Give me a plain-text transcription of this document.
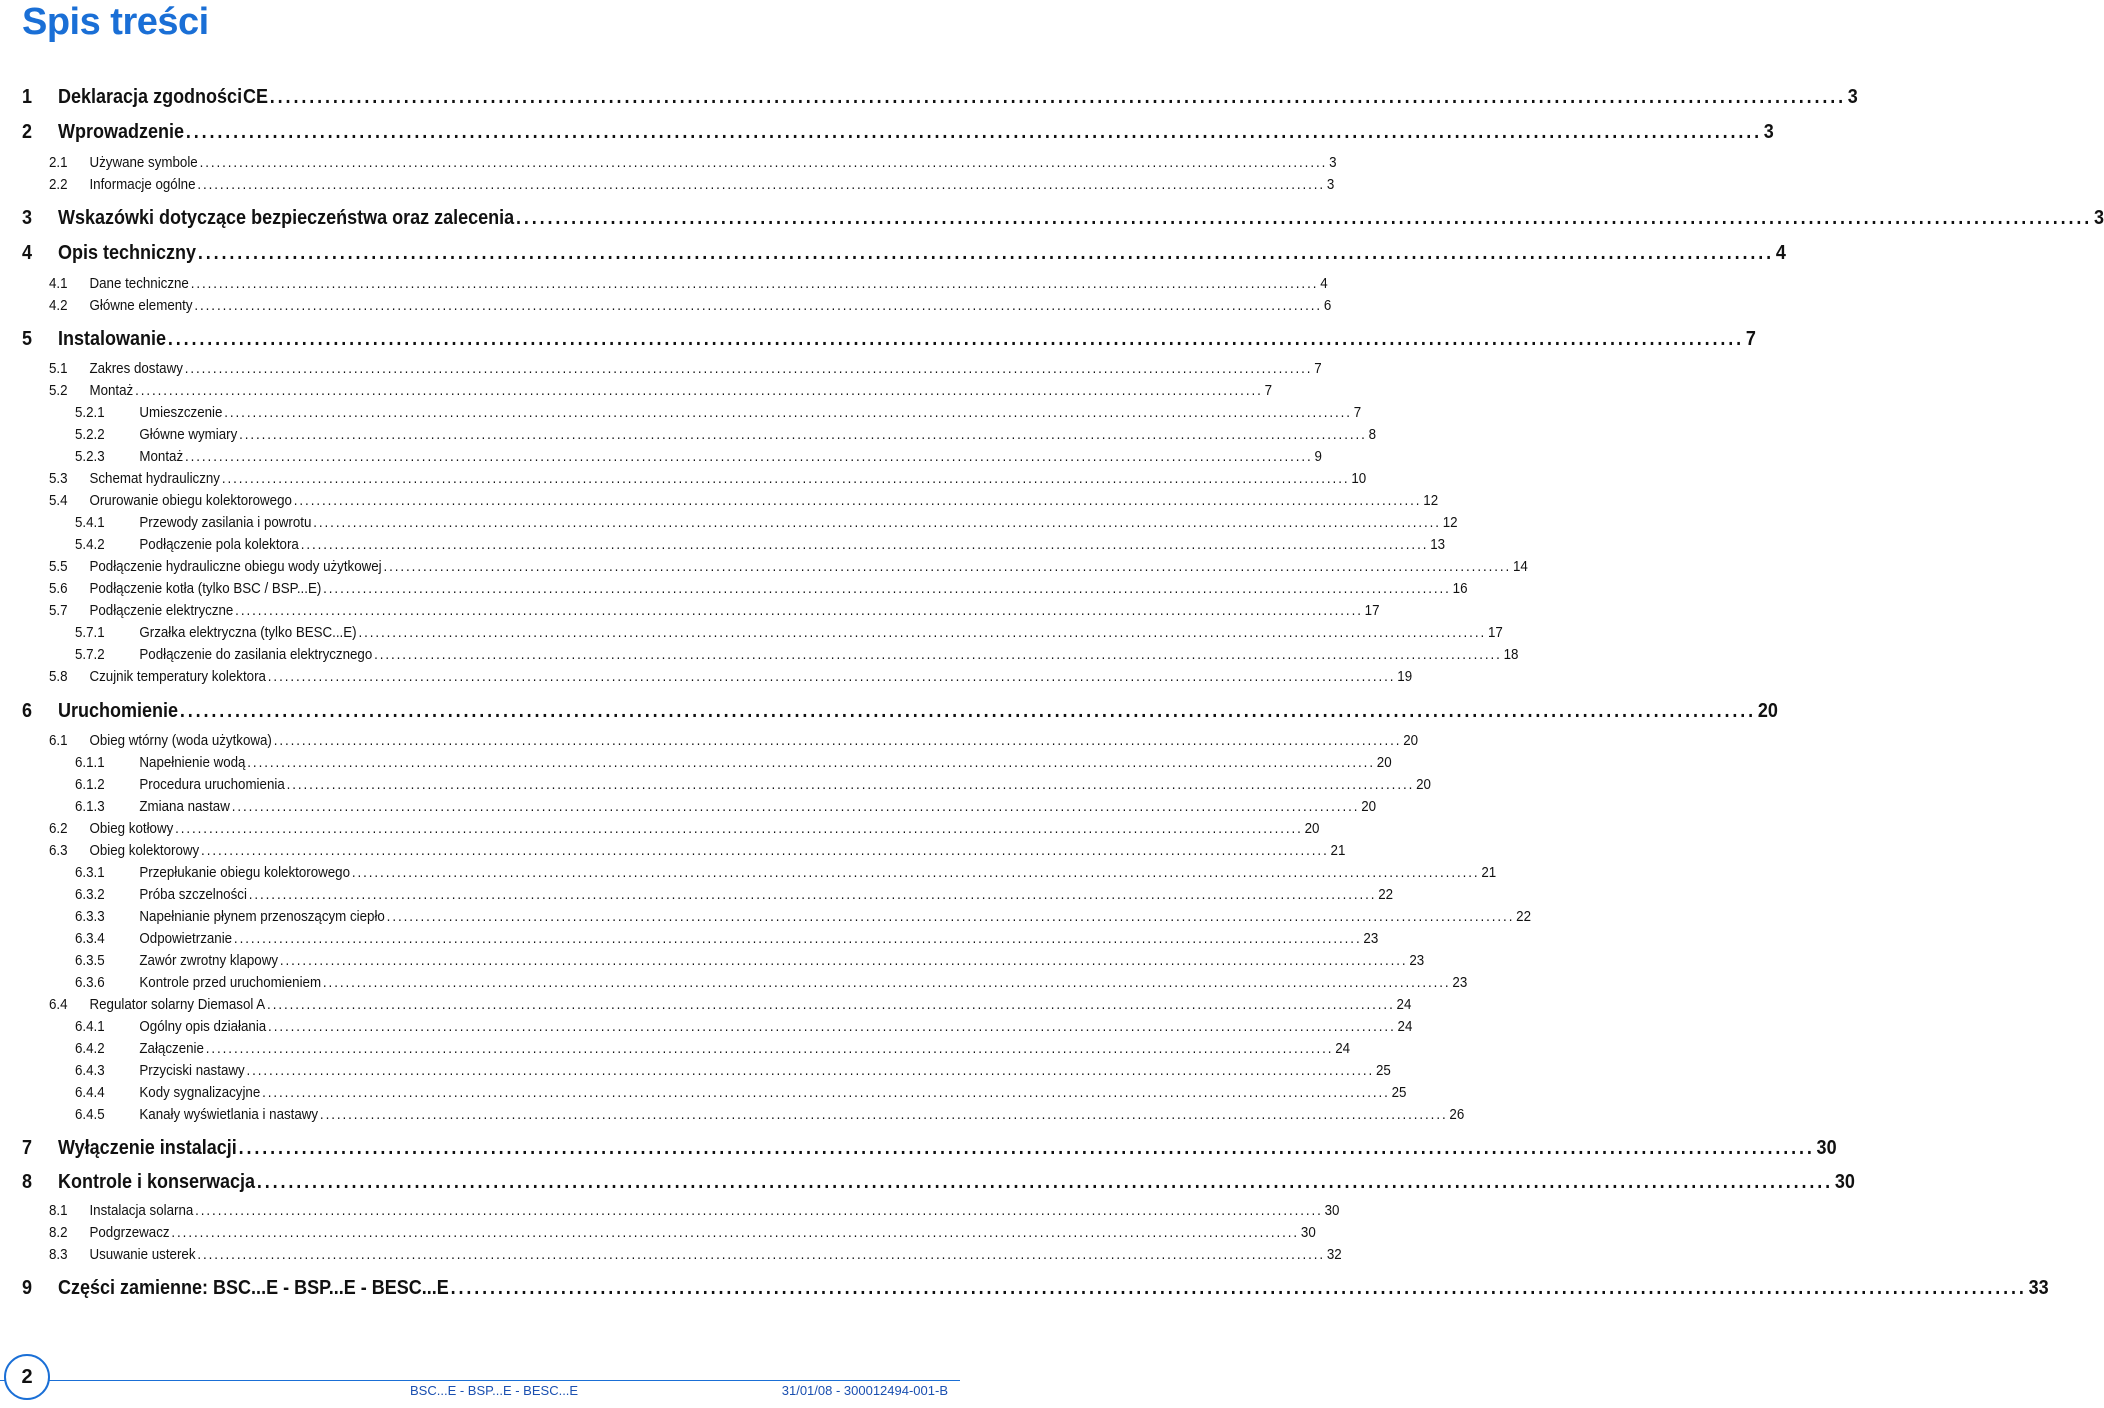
Spis treści
1	Deklaracja zgodności CE ........................................................................................................................................................................................................ 3
2	Wprowadzenie ........................................................................................................................................................................................................ 3
2.1	Używane symbole ........................................................................................................................................................................................................ 3
2.2	Informacje ogólne ........................................................................................................................................................................................................ 3
3	Wskazówki dotyczące bezpieczeństwa oraz zalecenia ........................................................................................................................................................................................................ 3
4	Opis techniczny ........................................................................................................................................................................................................ 4
4.1	Dane techniczne ........................................................................................................................................................................................................ 4
4.2	Główne elementy ........................................................................................................................................................................................................ 6
5	Instalowanie ........................................................................................................................................................................................................ 7
5.1	Zakres dostawy ........................................................................................................................................................................................................ 7
5.2	Montaż ........................................................................................................................................................................................................ 7
5.2.1	Umieszczenie ........................................................................................................................................................................................................ 7
5.2.2	Główne wymiary ........................................................................................................................................................................................................ 8
5.2.3	Montaż ........................................................................................................................................................................................................ 9
5.3	Schemat hydrauliczny ........................................................................................................................................................................................................ 10
5.4	Orurowanie obiegu kolektorowego ........................................................................................................................................................................................................ 12
5.4.1	Przewody zasilania i powrotu ........................................................................................................................................................................................................ 12
5.4.2	Podłączenie pola kolektora ........................................................................................................................................................................................................ 13
5.5	Podłączenie hydrauliczne obiegu wody użytkowej ........................................................................................................................................................................................................ 14
5.6	Podłączenie kotła (tylko BSC / BSP...E) ........................................................................................................................................................................................................ 16
5.7	Podłączenie elektryczne ........................................................................................................................................................................................................ 17
5.7.1	Grzałka elektryczna (tylko BESC...E) ........................................................................................................................................................................................................ 17
5.7.2	Podłączenie do zasilania elektrycznego ........................................................................................................................................................................................................ 18
5.8	Czujnik temperatury kolektora ........................................................................................................................................................................................................ 19
6	Uruchomienie ........................................................................................................................................................................................................ 20
6.1	Obieg wtórny (woda użytkowa) ........................................................................................................................................................................................................ 20
6.1.1	Napełnienie wodą ........................................................................................................................................................................................................ 20
6.1.2	Procedura uruchomienia ........................................................................................................................................................................................................ 20
6.1.3	Zmiana nastaw ........................................................................................................................................................................................................ 20
6.2	Obieg kotłowy ........................................................................................................................................................................................................ 20
6.3	Obieg kolektorowy ........................................................................................................................................................................................................ 21
6.3.1	Przepłukanie obiegu kolektorowego ........................................................................................................................................................................................................ 21
6.3.2	Próba szczelności ........................................................................................................................................................................................................ 22
6.3.3	Napełnianie płynem przenoszącym ciepło ........................................................................................................................................................................................................ 22
6.3.4	Odpowietrzanie ........................................................................................................................................................................................................ 23
6.3.5	Zawór zwrotny klapowy ........................................................................................................................................................................................................ 23
6.3.6	Kontrole przed uruchomieniem ........................................................................................................................................................................................................ 23
6.4	Regulator solarny Diemasol A ........................................................................................................................................................................................................ 24
6.4.1	Ogólny opis działania ........................................................................................................................................................................................................ 24
6.4.2	Załączenie ........................................................................................................................................................................................................ 24
6.4.3	Przyciski nastawy ........................................................................................................................................................................................................ 25
6.4.4	Kody sygnalizacyjne ........................................................................................................................................................................................................ 25
6.4.5	Kanały wyświetlania i nastawy ........................................................................................................................................................................................................ 26
7	Wyłączenie instalacji ........................................................................................................................................................................................................ 30
8	Kontrole i konserwacja ........................................................................................................................................................................................................ 30
8.1	Instalacja solarna ........................................................................................................................................................................................................ 30
8.2	Podgrzewacz ........................................................................................................................................................................................................ 30
8.3	Usuwanie usterek ........................................................................................................................................................................................................ 32
9	Części zamienne: BSC...E - BSP...E - BESC...E ........................................................................................................................................................................................................ 33
2
BSC...E - BSP...E - BESC...E	31/01/08 - 300012494-001-B
